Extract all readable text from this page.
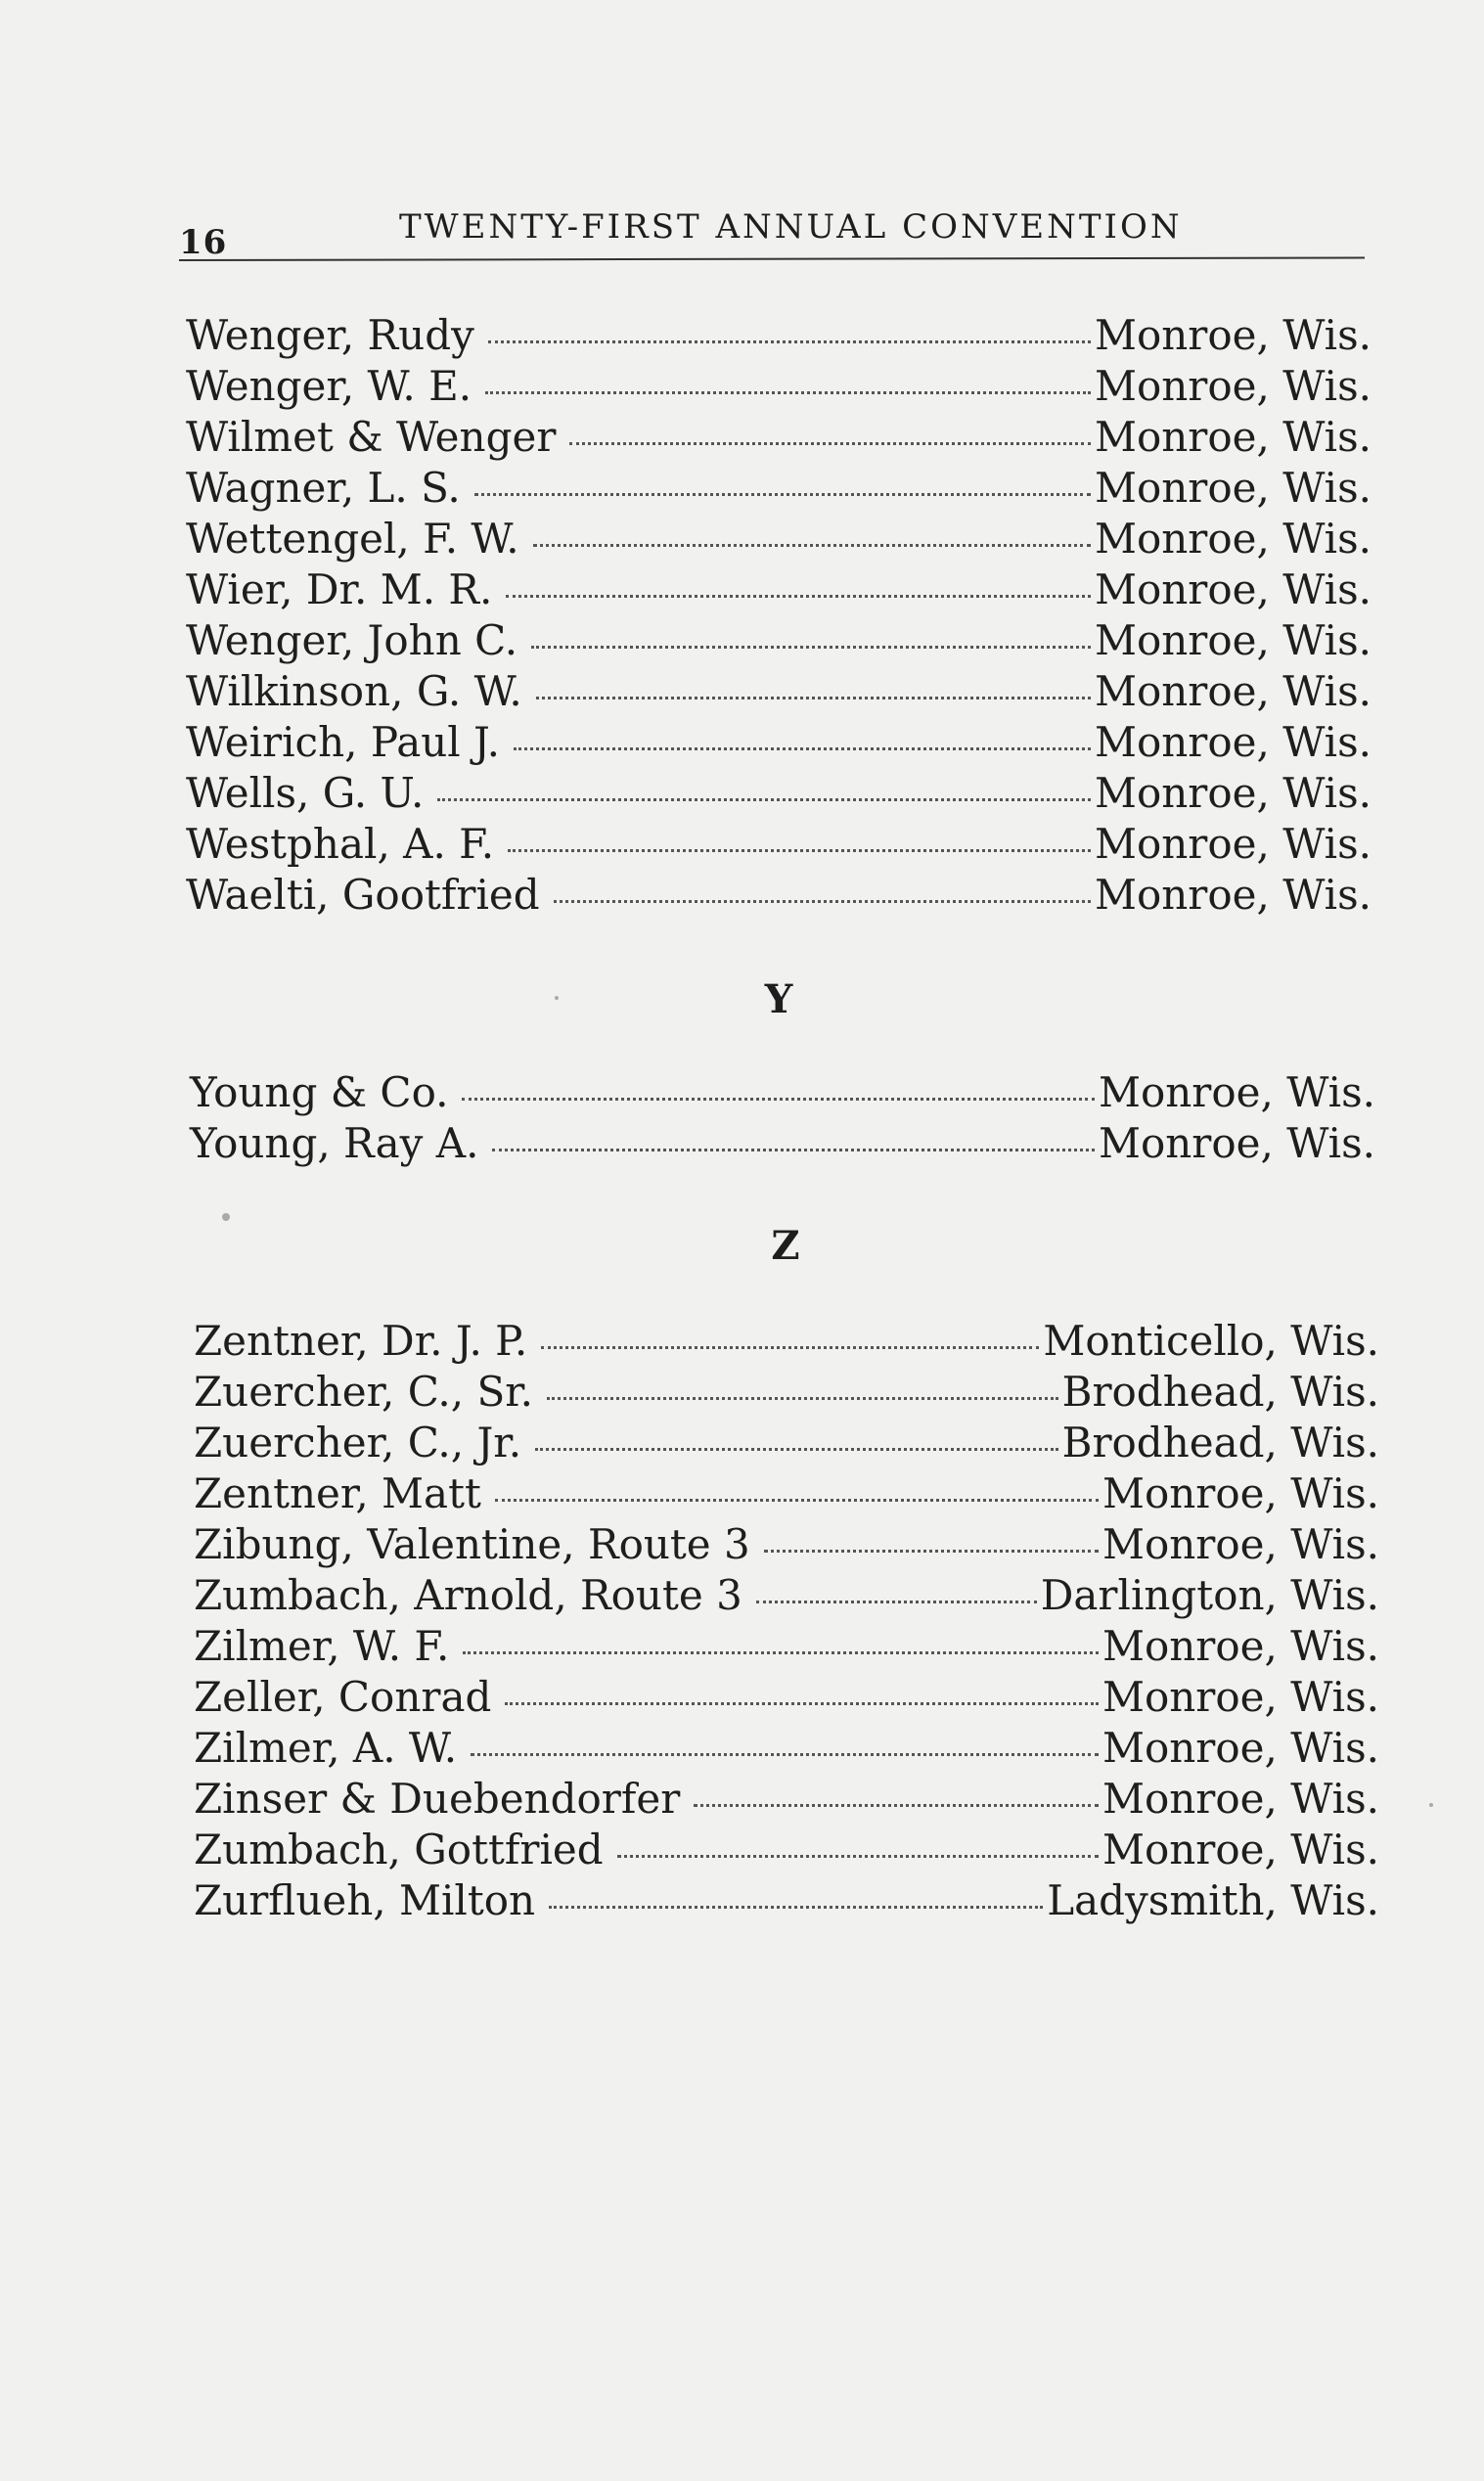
16	TWENTY-FIRST ANNUAL CONVENTION
Wenger, Rudy	Monroe, Wis.
Wenger, W. E.	Monroe, Wis.
Wilmet & Wenger	Monroe, Wis.
Wagner, L. S.	Monroe, Wis.
Wettengel, F. W.	Monroe, Wis.
Wier, Dr. M. R.	Monroe, Wis.
Wenger, John C.	Monroe, Wis.
Wilkinson, G. W.	Monroe, Wis.
Weirich, Paul J.	Monroe, Wis.
Wells, G. U.	Monroe, Wis.
Westphal, A. F.	Monroe, Wis.
Waelti, Gootfried	Monroe, Wis.
Y
Young & Co.	Monroe, Wis.
Young, Ray A.	Monroe, Wis.
Z
Zentner, Dr. J. P.	Monticello, Wis.
Zuercher, C., Sr.	Brodhead, Wis.
Zuercher, C., Jr.	Brodhead, Wis.
Zentner, Matt	Monroe, Wis.
Zibung, Valentine, Route 3	Monroe, Wis.
Zumbach, Arnold, Route 3	Darlington, Wis.
Zilmer, W. F.	Monroe, Wis.
Zeller, Conrad	Monroe, Wis.
Zilmer, A. W.	Monroe, Wis.
Zinser & Duebendorfer	Monroe, Wis.
Zumbach, Gottfried	Monroe, Wis.
Zurflueh, Milton	Ladysmith, Wis.
